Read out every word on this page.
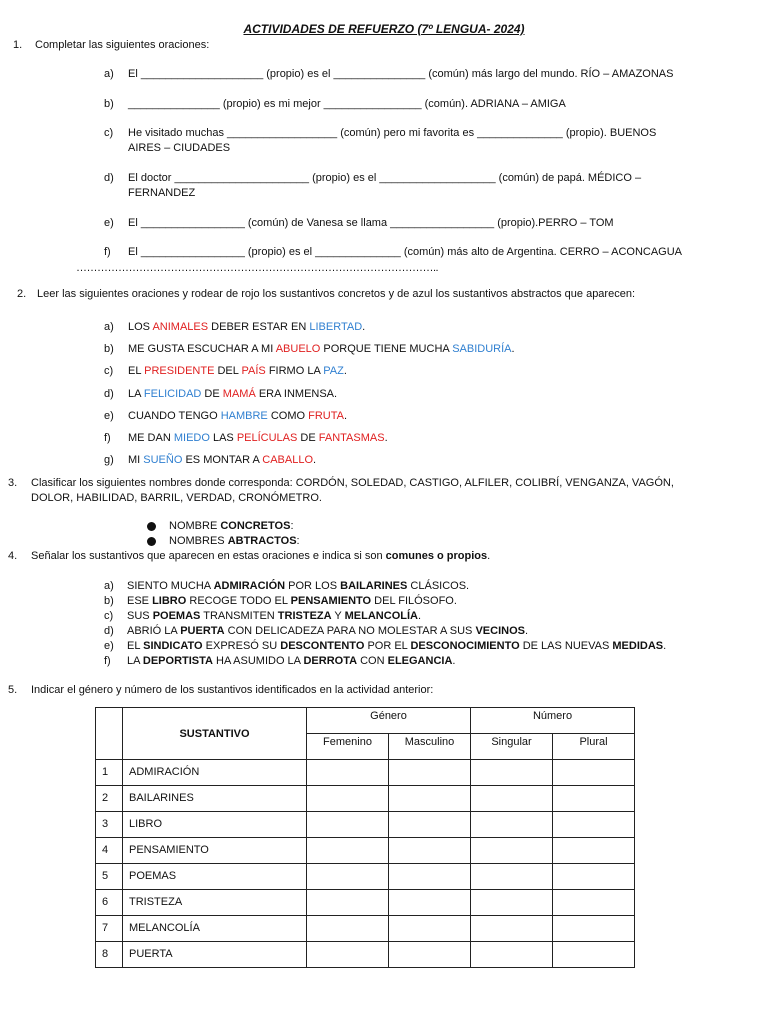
ACTIVIDADES DE REFUERZO (7º LENGUA- 2024)
1. Completar las siguientes oraciones:
a) El ____________________ (propio) es el _______________ (común) más largo del mundo. RÍO – AMAZONAS
b) _______________ (propio) es mi mejor ________________ (común). ADRIANA – AMIGA
c) He visitado muchas __________________ (común) pero mi favorita es ______________ (propio). BUENOS
AIRES – CIUDADES
d) El doctor ______________________ (propio) es el ___________________ (común) de papá. MÉDICO –
FERNANDEZ
e) El _________________ (común) de Vanesa se llama _________________ (propio).PERRO – TOM
f) El _________________ (propio) es el ______________ (común) más alto de Argentina. CERRO – ACONCAGUA
…………………………………………………………………………………………..
2. Leer las siguientes oraciones y rodear de rojo los sustantivos concretos y de azul los sustantivos abstractos que aparecen:
a) LOS ANIMALES DEBER ESTAR EN LIBERTAD.
b) ME GUSTA ESCUCHAR A MI ABUELO PORQUE TIENE MUCHA SABIDURÍA.
c) EL PRESIDENTE DEL PAÍS FIRMO LA PAZ.
d) LA FELICIDAD DE MAMÁ ERA INMENSA.
e) CUANDO TENGO HAMBRE COMO FRUTA.
f) ME DAN MIEDO LAS PELÍCULAS DE FANTASMAS.
g) MI SUEÑO ES MONTAR A CABALLO.
3. Clasificar los siguientes nombres donde corresponda: CORDÓN, SOLEDAD, CASTIGO, ALFILER, COLIBRÍ, VENGANZA, VAGÓN,
DOLOR, HABILIDAD, BARRIL, VERDAD, CRONÓMETRO.
NOMBRE CONCRETOS:
NOMBRES ABTRACTOS:
4. Señalar los sustantivos que aparecen en estas oraciones e indica si son comunes o propios.
a) SIENTO MUCHA ADMIRACIÓN POR LOS BAILARINES CLÁSICOS.
b) ESE LIBRO RECOGE TODO EL PENSAMIENTO DEL FILÓSOFO.
c) SUS POEMAS TRANSMITEN TRISTEZA Y MELANCOLÍA.
d) ABRIÓ LA PUERTA CON DELICADEZA PARA NO MOLESTAR A SUS VECINOS.
e) EL SINDICATO EXPRESÓ SU DESCONTENTO POR EL DESCONOCIMIENTO DE LAS NUEVAS MEDIDAS.
f) LA DEPORTISTA HA ASUMIDO LA DERROTA CON ELEGANCIA.
5. Indicar el género y número de los sustantivos identificados en la actividad anterior:
	SUSTANTIVO	Género		Número	
		Femenino	Masculino	Singular	Plural

1	ADMIRACIÓN				

2	BAILARINES				

3	LIBRO				

4	PENSAMIENTO				

5	POEMAS				

6	TRISTEZA				

7	MELANCOLÍA				

8	PUERTA				
